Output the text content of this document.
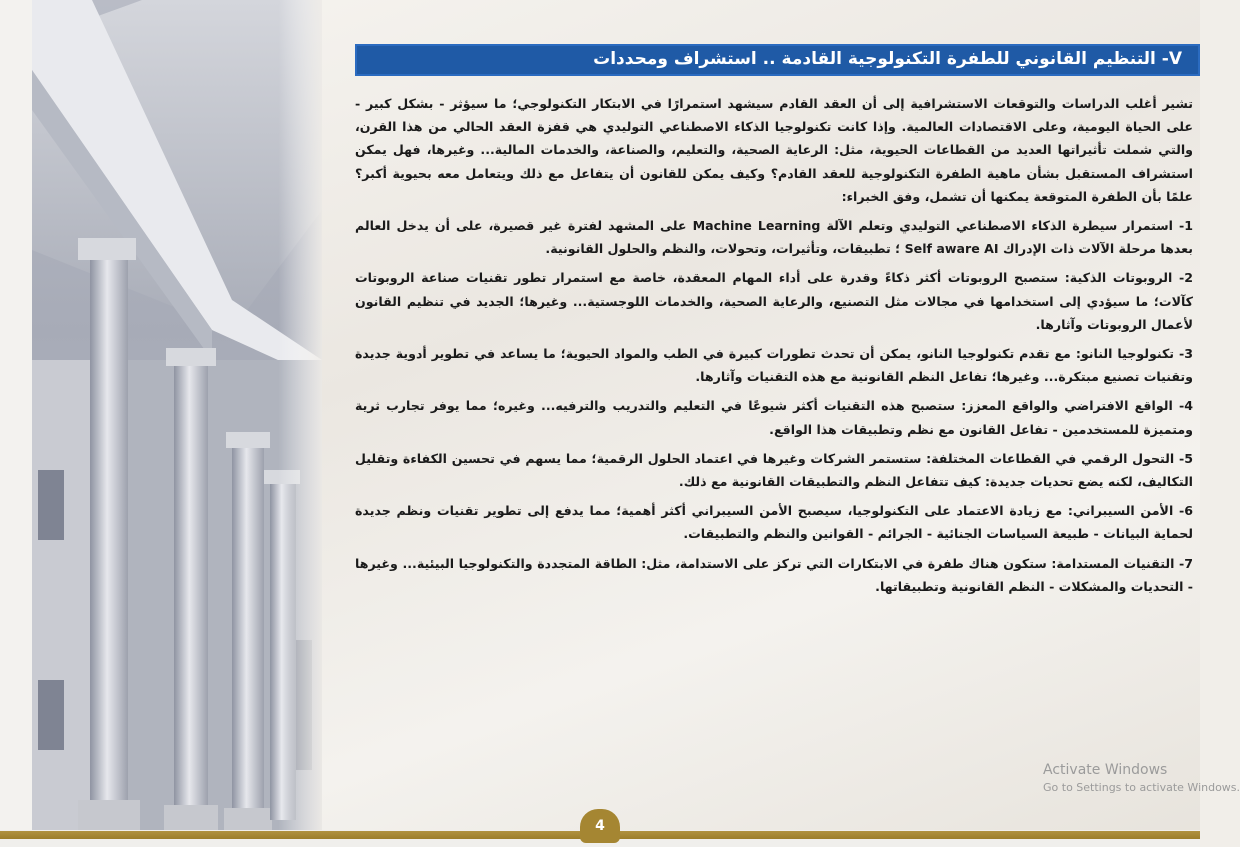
V- التنظيم القانوني للطفرة التكنولوجية القادمة .. استشراف ومحددات

تشير أغلب الدراسات والتوقعات الاستشرافية إلى أن العقد القادم سيشهد استمرارًا في الابتكار التكنولوجي؛ ما سيؤثر - بشكل كبير - على الحياة اليومية، وعلى الاقتصادات العالمية. وإذا كانت تكنولوجيا الذكاء الاصطناعي التوليدي هي قفزة العقد الحالي من هذا القرن، والتي شملت تأثيراتها العديد من القطاعات الحيوية، مثل: الرعاية الصحية، والتعليم، والصناعة، والخدمات المالية... وغيرها، فهل يمكن استشراف المستقبل بشأن ماهية الطفرة التكنولوجية للعقد القادم؟ وكيف يمكن للقانون أن يتفاعل مع ذلك ويتعامل معه بحيوية أكبر؟ علمًا بأن الطفرة المتوقعة يمكنها أن تشمل، وفق الخبراء:

1- استمرار سيطرة الذكاء الاصطناعي التوليدي وتعلم الآلة Machine Learning على المشهد لفترة غير قصيرة، على أن يدخل العالم بعدها مرحلة الآلات ذات الإدراك Self aware AI ؛ تطبيقات، وتأثيرات، وتحولات، والنظم والحلول القانونية.

2- الروبوتات الذكية: ستصبح الروبوتات أكثر ذكاءً وقدرة على أداء المهام المعقدة، خاصة مع استمرار تطور تقنيات صناعة الروبوتات كآلات؛ ما سيؤدي إلى استخدامها في مجالات مثل التصنيع، والرعاية الصحية، والخدمات اللوجستية... وغيرها؛ الجديد في تنظيم القانون لأعمال الروبوتات وآثارها.

3- تكنولوجيا النانو: مع تقدم تكنولوجيا النانو، يمكن أن تحدث تطورات كبيرة في الطب والمواد الحيوية؛ ما يساعد في تطوير أدوية جديدة وتقنيات تصنيع مبتكرة... وغيرها؛ تفاعل النظم القانونية مع هذه التقنيات وآثارها.

4- الواقع الافتراضي والواقع المعزز: ستصبح هذه التقنيات أكثر شيوعًا في التعليم والتدريب والترفيه... وغيره؛ مما يوفر تجارب ثرية ومتميزة للمستخدمين - تفاعل القانون مع نظم وتطبيقات هذا الواقع.

5- التحول الرقمي في القطاعات المختلفة: ستستمر الشركات وغيرها في اعتماد الحلول الرقمية؛ مما يسهم في تحسين الكفاءة وتقليل التكاليف، لكنه يضع تحديات جديدة: كيف تتفاعل النظم والتطبيقات القانونية مع ذلك.

6- الأمن السيبراني: مع زيادة الاعتماد على التكنولوجيا، سيصبح الأمن السيبراني أكثر أهمية؛ مما يدفع إلى تطوير تقنيات ونظم جديدة لحماية البيانات - طبيعة السياسات الجنائية - الجرائم - القوانين والنظم والتطبيقات.

7- التقنيات المستدامة: ستكون هناك طفرة في الابتكارات التي تركز على الاستدامة، مثل: الطاقة المتجددة والتكنولوجيا البيئية... وغيرها - التحديات والمشكلات - النظم القانونية وتطبيقاتها.

Activate Windows
Go to Settings to activate Windows.
4
